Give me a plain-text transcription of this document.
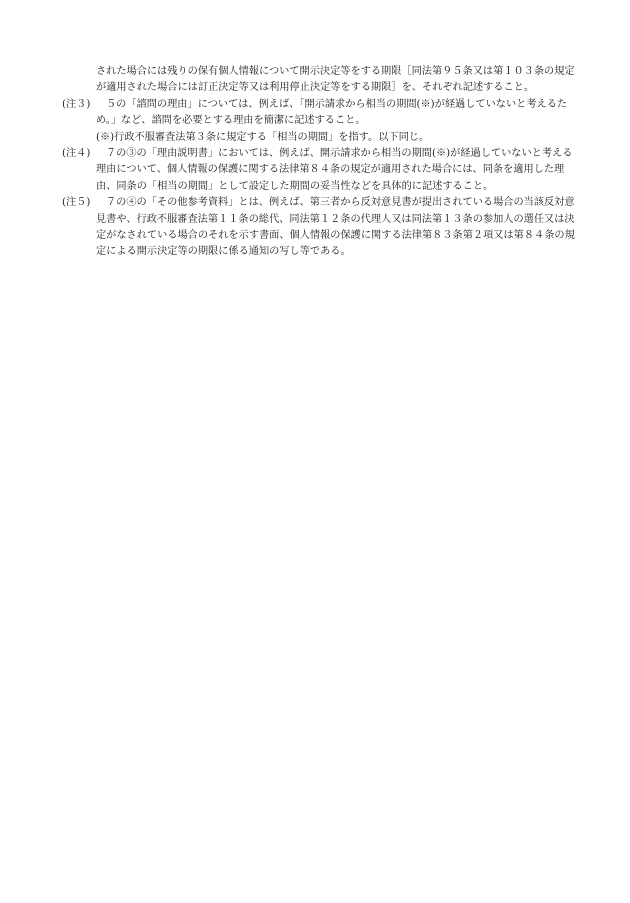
された場合には残りの保有個人情報について開示決定等をする期限［同法第９５条又は第１０３条の規定が適用された場合には訂正決定等又は利用停止決定等をする期限］を、それぞれ記述すること。

(注３)	５の「諮問の理由」については、例えば、「開示請求から相当の期間(※)が経過していないと考えるため。」など、諮問を必要とする理由を簡潔に記述すること。
(※)行政不服審査法第３条に規定する「相当の期間」を指す。以下同じ。
(注４)	７の③の「理由説明書」においては、例えば、開示請求から相当の期間(※)が経過していないと考える理由について、個人情報の保護に関する法律第８４条の規定が適用された場合には、同条を適用した理由、同条の「相当の期間」として設定した期間の妥当性などを具体的に記述すること。
(注５)	７の④の「その他参考資料」とは、例えば、第三者から反対意見書が提出されている場合の当該反対意見書や、行政不服審査法第１１条の総代、同法第１２条の代理人又は同法第１３条の参加人の選任又は決定がなされている場合のそれを示す書面、個人情報の保護に関する法律第８３条第２項又は第８４条の規定による開示決定等の期限に係る通知の写し等である。
